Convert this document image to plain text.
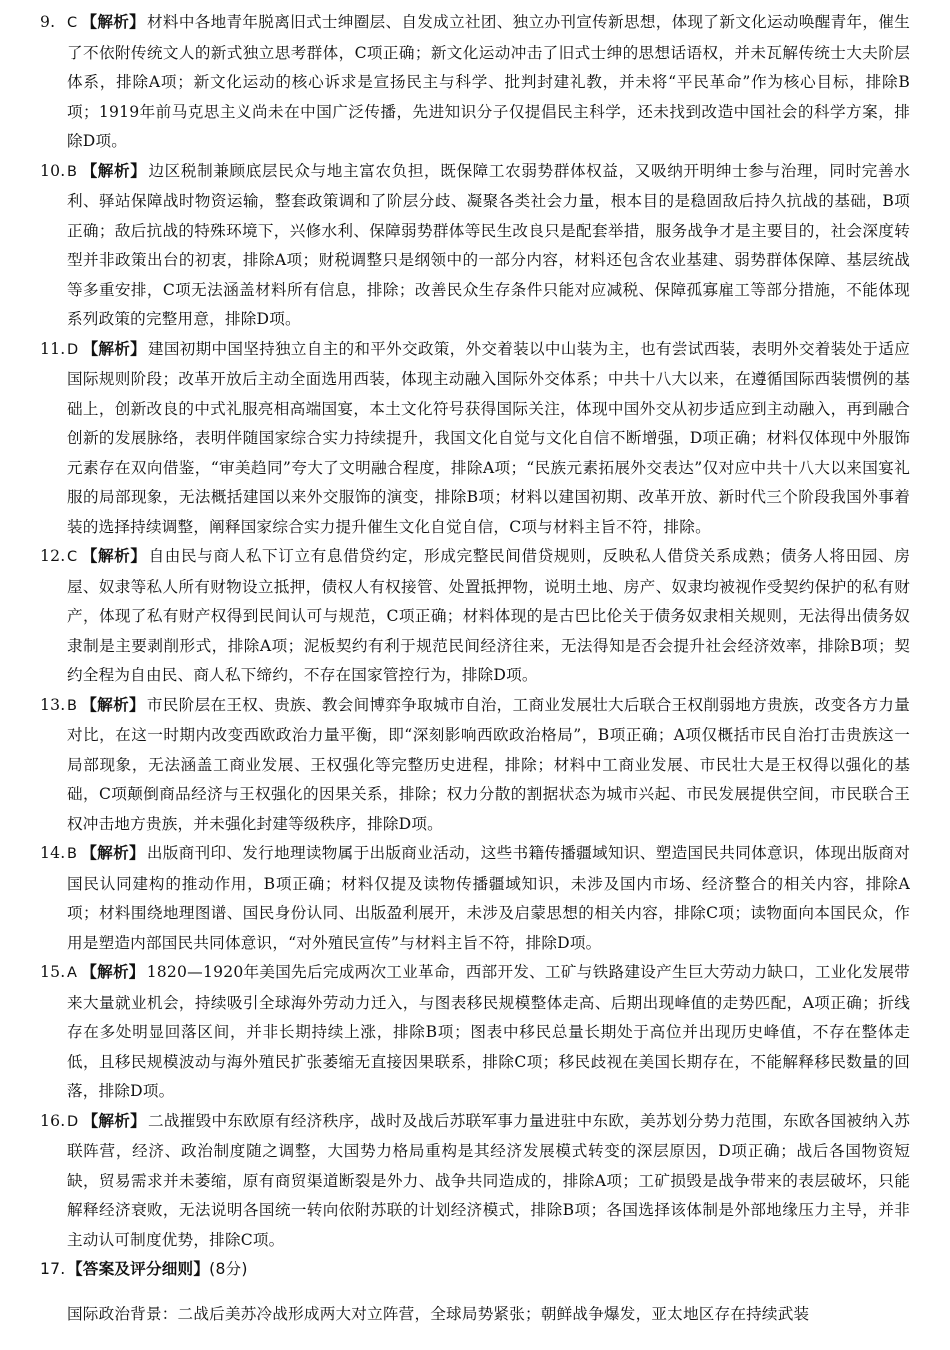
9. C 【解析】 材料中各地青年脱离旧式士绅圈层、自发成立社团、独立办刊宣传新思想，体现了新文化运动唤醒青年，催生了不依附传统文人的新式独立思考群体，C项正确；新文化运动冲击了旧式士绅的思想话语权，并未瓦解传统士大夫阶层体系，排除A项；新文化运动的核心诉求是宣扬民主与科学、批判封建礼教，并未将“平民革命”作为核心目标，排除B项；1919年前马克思主义尚未在中国广泛传播，先进知识分子仅提倡民主科学，还未找到改造中国社会的科学方案，排除D项。

10. B 【解析】 边区税制兼顾底层民众与地主富农负担，既保障工农弱势群体权益，又吸纳开明绅士参与治理，同时完善水利、驿站保障战时物资运输，整套政策调和了阶层分歧、凝聚各类社会力量，根本目的是稳固敌后持久抗战的基础，B项正确；敌后抗战的特殊环境下，兴修水利、保障弱势群体等民生改良只是配套举措，服务战争才是主要目的，社会深度转型并非政策出台的初衷，排除A项；财税调整只是纲领中的一部分内容，材料还包含农业基建、弱势群体保障、基层统战等多重安排，C项无法涵盖材料所有信息，排除；改善民众生存条件只能对应减税、保障孤寡雇工等部分措施，不能体现系列政策的完整用意，排除D项。

11. D 【解析】 建国初期中国坚持独立自主的和平外交政策，外交着装以中山装为主，也有尝试西装，表明外交着装处于适应国际规则阶段；改革开放后主动全面选用西装，体现主动融入国际外交体系；中共十八大以来，在遵循国际西装惯例的基础上，创新改良的中式礼服亮相高端国宴，本土文化符号获得国际关注，体现中国外交从初步适应到主动融入，再到融合创新的发展脉络，表明伴随国家综合实力持续提升，我国文化自觉与文化自信不断增强，D项正确；材料仅体现中外服饰元素存在双向借鉴，“审美趋同”夸大了文明融合程度，排除A项；“民族元素拓展外交表达”仅对应中共十八大以来国宴礼服的局部现象，无法概括建国以来外交服饰的演变，排除B项；材料以建国初期、改革开放、新时代三个阶段我国外事着装的选择持续调整，阐释国家综合实力提升催生文化自觉自信，C项与材料主旨不符，排除。

12. C 【解析】 自由民与商人私下订立有息借贷约定，形成完整民间借贷规则，反映私人借贷关系成熟；债务人将田园、房屋、奴隶等私人所有财物设立抵押，债权人有权接管、处置抵押物，说明土地、房产、奴隶均被视作受契约保护的私有财产，体现了私有财产权得到民间认可与规范，C项正确；材料体现的是古巴比伦关于债务奴隶相关规则，无法得出债务奴隶制是主要剥削形式，排除A项；泥板契约有利于规范民间经济往来，无法得知是否会提升社会经济效率，排除B项；契约全程为自由民、商人私下缔约，不存在国家管控行为，排除D项。

13. B 【解析】 市民阶层在王权、贵族、教会间博弈争取城市自治，工商业发展壮大后联合王权削弱地方贵族，改变各方力量对比，在这一时期内改变西欧政治力量平衡，即“深刻影响西欧政治格局”，B项正确；A项仅概括市民自治打击贵族这一局部现象，无法涵盖工商业发展、王权强化等完整历史进程，排除；材料中工商业发展、市民壮大是王权得以强化的基础，C项颠倒商品经济与王权强化的因果关系，排除；权力分散的割据状态为城市兴起、市民发展提供空间，市民联合王权冲击地方贵族，并未强化封建等级秩序，排除D项。

14. B 【解析】 出版商刊印、发行地理读物属于出版商业活动，这些书籍传播疆域知识、塑造国民共同体意识，体现出版商对国民认同建构的推动作用，B项正确；材料仅提及读物传播疆域知识，未涉及国内市场、经济整合的相关内容，排除A项；材料围绕地理图谱、国民身份认同、出版盈利展开，未涉及启蒙思想的相关内容，排除C项；读物面向本国民众，作用是塑造内部国民共同体意识，“对外殖民宣传”与材料主旨不符，排除D项。

15. A 【解析】 1820—1920年美国先后完成两次工业革命，西部开发、工矿与铁路建设产生巨大劳动力缺口，工业化发展带来大量就业机会，持续吸引全球海外劳动力迁入，与图表移民规模整体走高、后期出现峰值的走势匹配，A项正确；折线存在多处明显回落区间，并非长期持续上涨，排除B项；图表中移民总量长期处于高位并出现历史峰值，不存在整体走低，且移民规模波动与海外殖民扩张萎缩无直接因果联系，排除C项；移民歧视在美国长期存在，不能解释移民数量的回落，排除D项。

16. D 【解析】 二战摧毁中东欧原有经济秩序，战时及战后苏联军事力量进驻中东欧，美苏划分势力范围，东欧各国被纳入苏联阵营，经济、政治制度随之调整，大国势力格局重构是其经济发展模式转变的深层原因，D项正确；战后各国物资短缺，贸易需求并未萎缩，原有商贸渠道断裂是外力、战争共同造成的，排除A项；工矿损毁是战争带来的表层破坏，只能解释经济衰败，无法说明各国统一转向依附苏联的计划经济模式，排除B项；各国选择该体制是外部地缘压力主导，并非主动认可制度优势，排除C项。

17. 【答案及评分细则】(8分)

国际政治背景：二战后美苏冷战形成两大对立阵营，全球局势紧张；朝鲜战争爆发，亚太地区存在持续武装
